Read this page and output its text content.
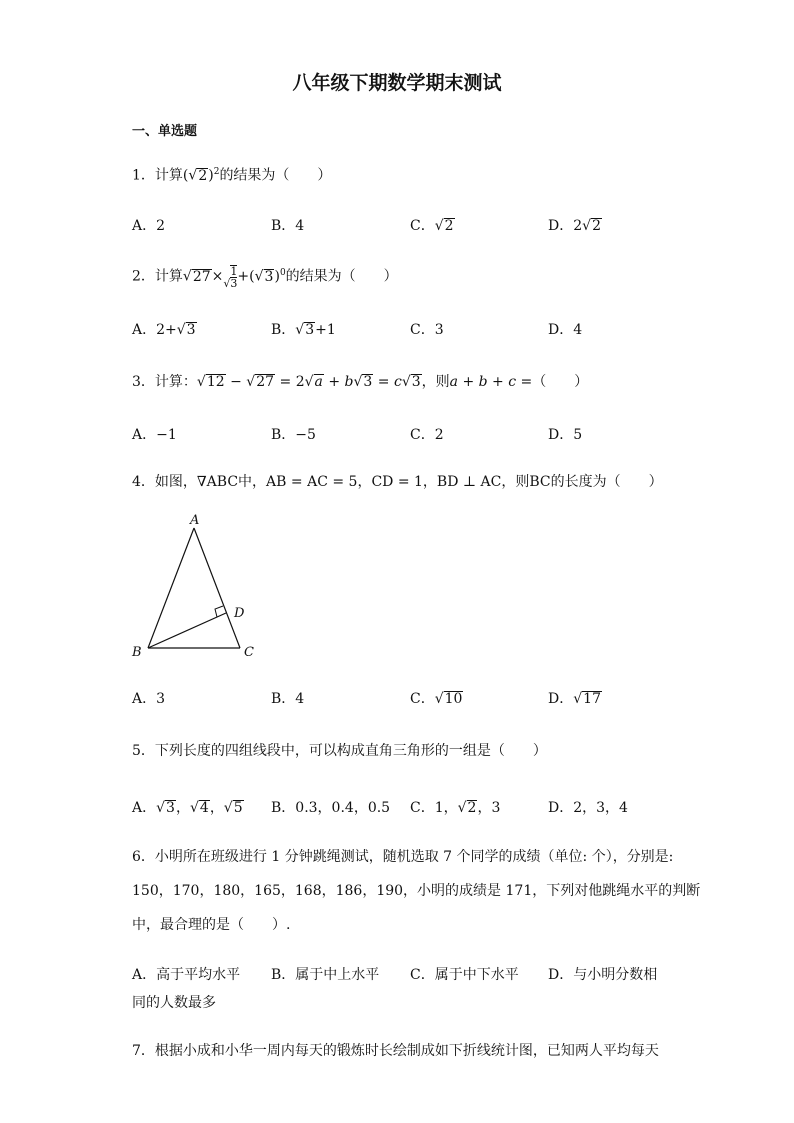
八年级下期数学期末测试
一、单选题
1．计算$(√2)^2$的结果为（　　）
A．2	B．4	C．√2	D．2√2
2．计算$√27\times√ \frac{1}{3} +(√3)^0$的结果为（　　）
A．2+√3	B．√3+1	C．3	D．4
3．计算：√12 − √27 = 2√a + b√3 = c√3，则a + b + c =（　　）
A．−1	B．−5	C．2	D．5
4．如图，∇ABC中，AB = AC = 5，CD = 1，BD ⊥ AC，则BC的长度为（　　）
A
B	C
D
A．3	B．4	C．√10	D．√17
5．下列长度的四组线段中，可以构成直角三角形的一组是（　　）
A．√3，√4，√5 B．0.3，0.4，0.5 C．1，√2，3	D．2，3，4
6．小明所在班级进行 1 分钟跳绳测试，随机选取 7 个同学的成绩（单位: 个），分别是:
150，170，180，165，168，186，190，小明的成绩是 171，下列对他跳绳水平的判断
中，最合理的是（　　）.
A．高于平均水平 B．属于中上水平 C．属于中下水平 D．与小明分数相
同的人数最多
7．根据小成和小华一周内每天的锻炼时长绘制成如下折线统计图，已知两人平均每天
